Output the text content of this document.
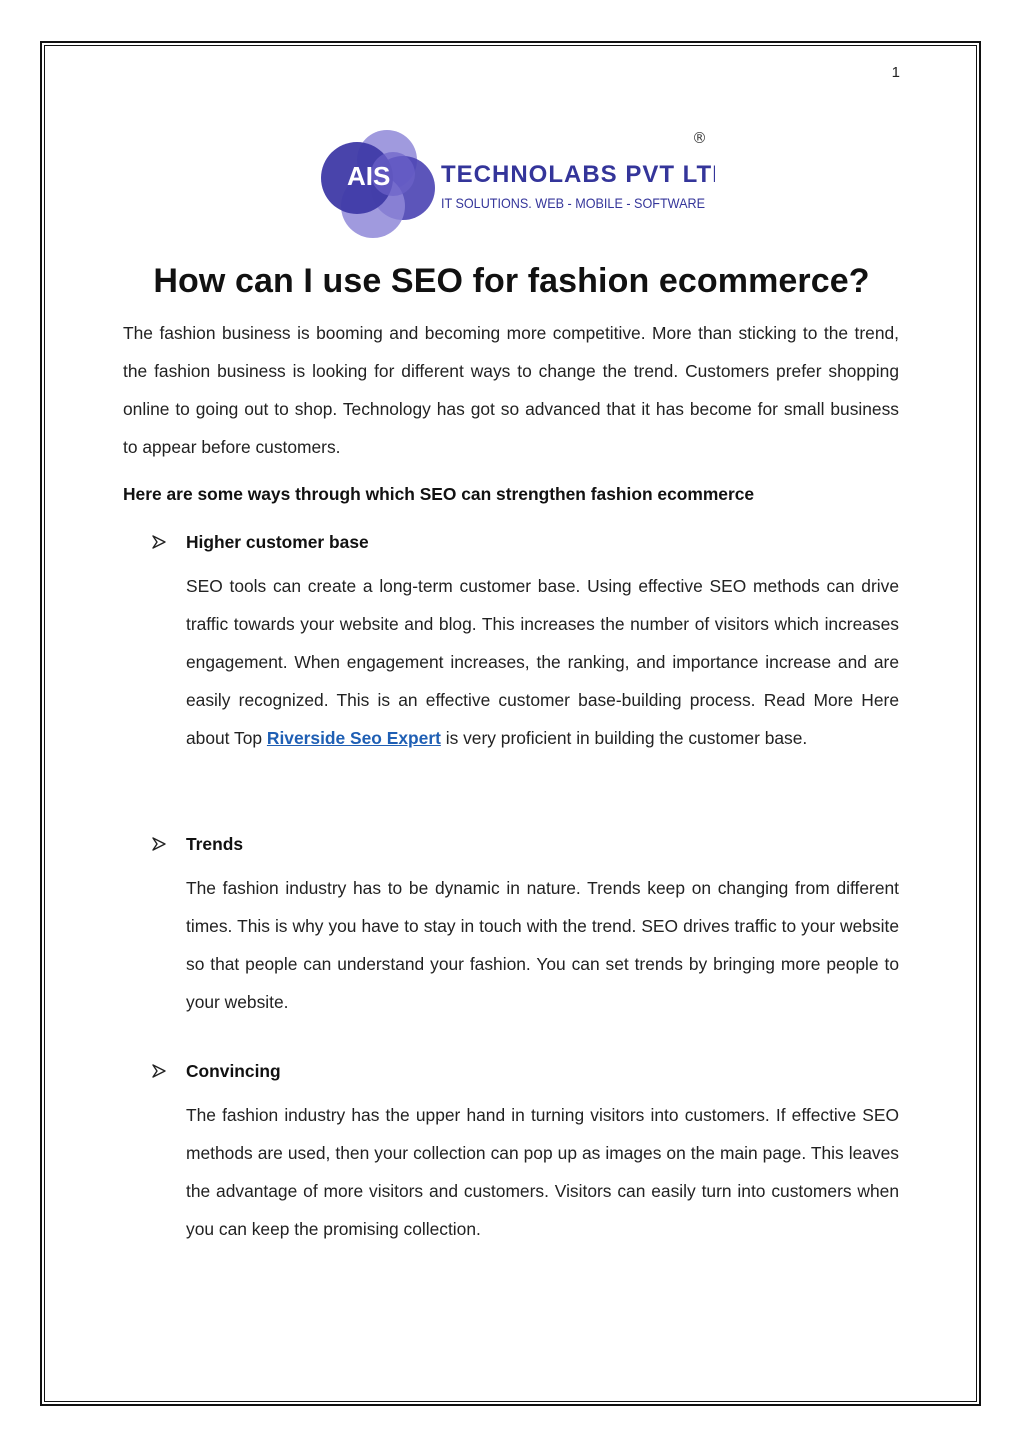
1
AIS TECHNOLABS PVT LTD
IT SOLUTIONS. WEB - MOBILE - SOFTWARE
®
How can I use SEO for fashion ecommerce?
The fashion business is booming and becoming more competitive. More than sticking to the trend, the fashion business is looking for different ways to change the trend. Customers prefer shopping online to going out to shop. Technology has got so advanced that it has become for small business to appear before customers.
Here are some ways through which SEO can strengthen fashion ecommerce
Higher customer base
SEO tools can create a long-term customer base. Using effective SEO methods can drive traffic towards your website and blog. This increases the number of visitors which increases engagement. When engagement increases, the ranking, and importance increase and are easily recognized. This is an effective customer base-building process. Read More Here about Top Riverside Seo Expert is very proficient in building the customer base.
Trends
The fashion industry has to be dynamic in nature. Trends keep on changing from different times. This is why you have to stay in touch with the trend. SEO drives traffic to your website so that people can understand your fashion. You can set trends by bringing more people to your website.
Convincing
The fashion industry has the upper hand in turning visitors into customers. If effective SEO methods are used, then your collection can pop up as images on the main page. This leaves the advantage of more visitors and customers. Visitors can easily turn into customers when you can keep the promising collection.
